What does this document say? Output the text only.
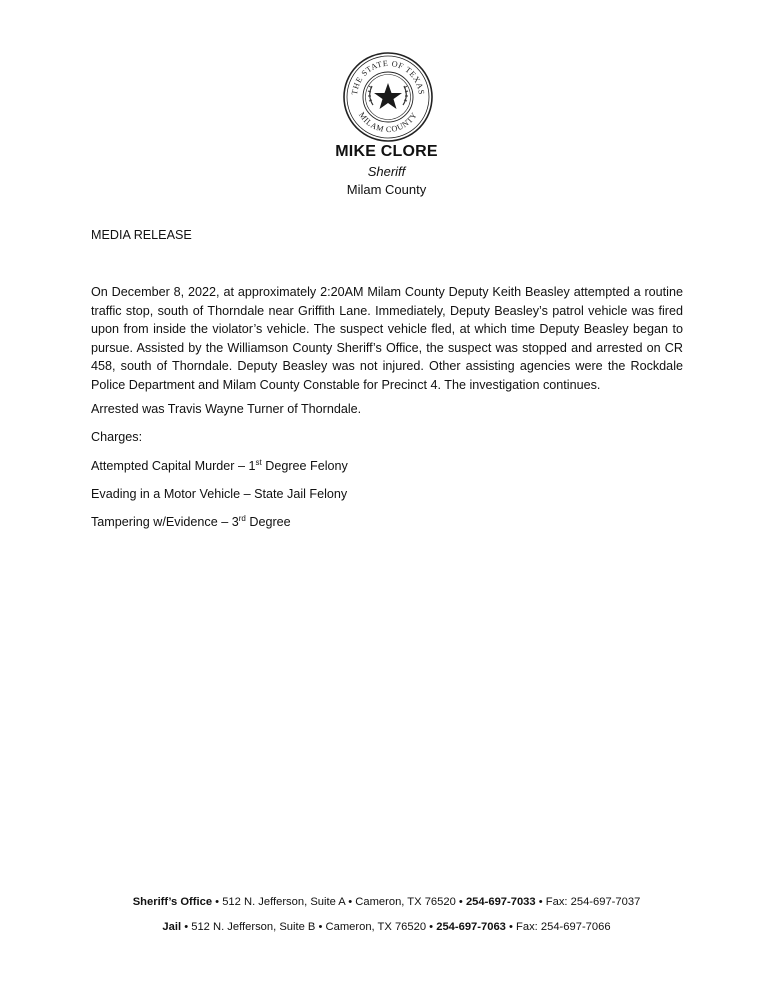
THE STATE OF TEXAS
MILAM COUNTY
MIKE CLORE
Sheriff
Milam County
MEDIA RELEASE
On December 8, 2022, at approximately 2:20AM Milam County Deputy Keith Beasley attempted a routine traffic stop, south of Thorndale near Griffith Lane. Immediately, Deputy Beasley’s patrol vehicle was fired upon from inside the violator’s vehicle. The suspect vehicle fled, at which time Deputy Beasley began to pursue. Assisted by the Williamson County Sheriff’s Office, the suspect was stopped and arrested on CR 458, south of Thorndale. Deputy Beasley was not injured. Other assisting agencies were the Rockdale Police Department and Milam County Constable for Precinct 4. The investigation continues.
Arrested was Travis Wayne Turner of Thorndale.
Charges:
Attempted Capital Murder – 1st Degree Felony
Evading in a Motor Vehicle – State Jail Felony
Tampering w/Evidence – 3rd Degree
Sheriff’s Office • 512 N. Jefferson, Suite A • Cameron, TX 76520 • 254-697-7033 • Fax: 254-697-7037
Jail • 512 N. Jefferson, Suite B • Cameron, TX 76520 • 254-697-7063 • Fax: 254-697-7066
